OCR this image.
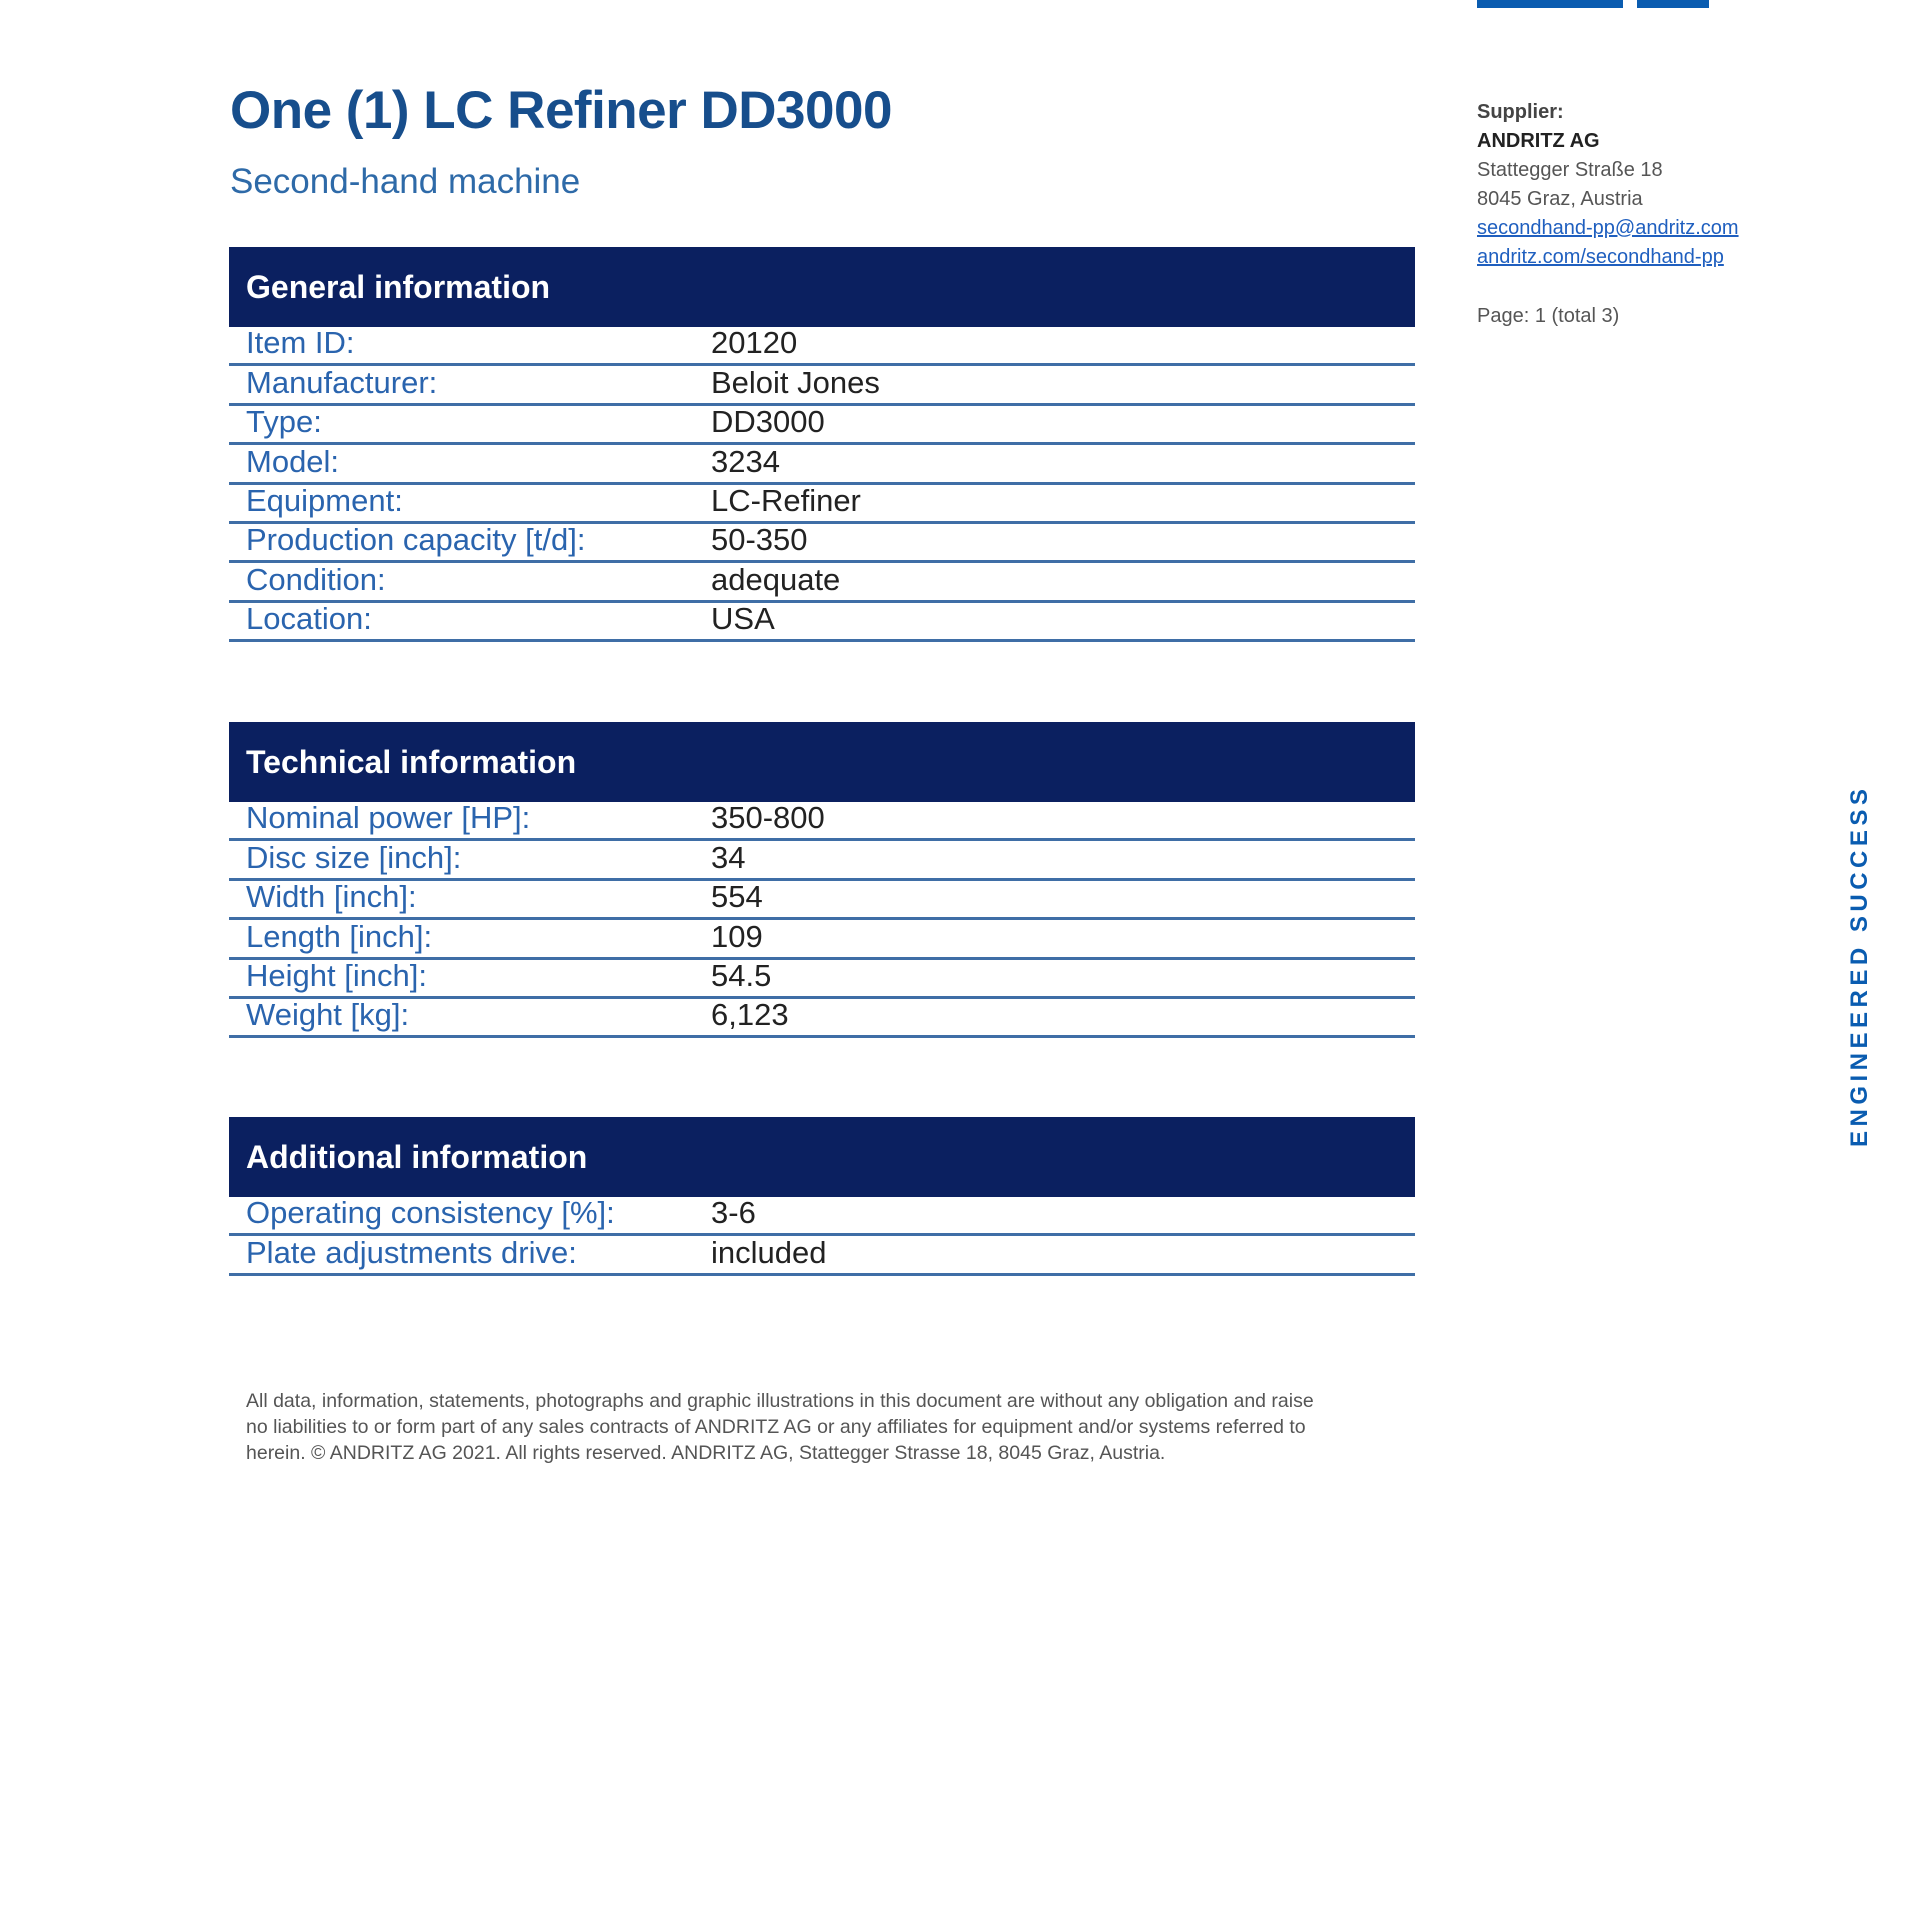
One (1) LC Refiner DD3000
Second-hand machine
Supplier:
ANDRITZ AG
Stattegger Straße 18
8045 Graz, Austria
secondhand-pp@andritz.com
andritz.com/secondhand-pp
Page: 1 (total 3)
General information
Item ID:	20120
Manufacturer:	Beloit Jones
Type:	DD3000
Model:	3234
Equipment:	LC-Refiner
Production capacity [t/d]:	50-350
Condition:	adequate
Location:	USA
Technical information
Nominal power [HP]:	350-800
Disc size [inch]:	34
Width [inch]:	554
Length [inch]:	109
Height [inch]:	54.5
Weight [kg]:	6,123
Additional information
Operating consistency [%]:	3-6
Plate adjustments drive:	included
All data, information, statements, photographs and graphic illustrations in this document are without any obligation and raise no liabilities to or form part of any sales contracts of ANDRITZ AG or any affiliates for equipment and/or systems referred to herein. © ANDRITZ AG 2021. All rights reserved. ANDRITZ AG, Stattegger Strasse 18, 8045 Graz, Austria.
ENGINEERED SUCCESS
